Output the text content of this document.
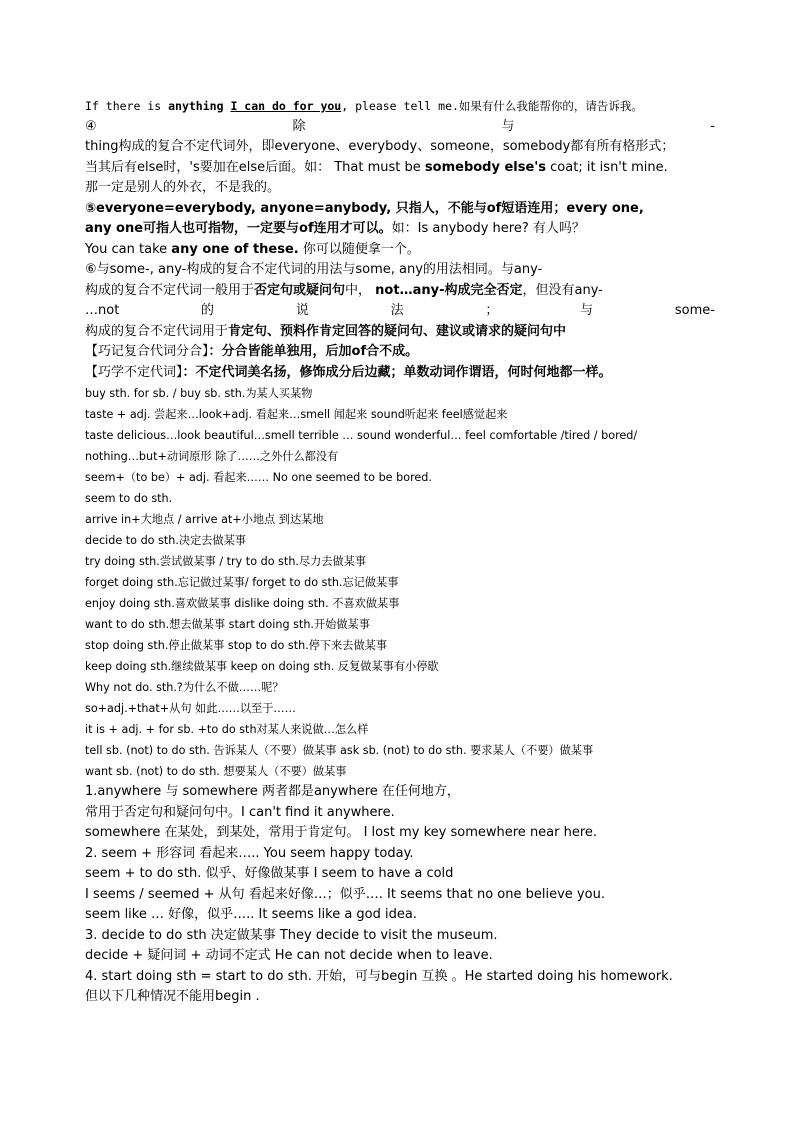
If there is anything I can do for you, please tell me.如果有什么我能帮你的，请告诉我。
④	除	与	-
thing构成的复合不定代词外，即everyone、everybody、someone，somebody都有所有格形式；
当其后有else时，'s要加在else后面。如： That must be somebody else's coat; it isn't mine.
那一定是别人的外衣，不是我的。
⑤everyone=everybody, anyone=anybody, 只指人，不能与of短语连用；every one,
any one可指人也可指物，一定要与of连用才可以。如：Is anybody here? 有人吗？
You can take any one of these. 你可以随便拿一个。
⑥与some-, any-构成的复合不定代词的用法与some, any的用法相同。与any-
构成的复合不定代词一般用于否定句或疑问句中， not…any-构成完全否定，但没有any-
…not	的	说	法	；	与	some-
构成的复合不定代词用于肯定句、预料作肯定回答的疑问句、建议或请求的疑问句中
【巧记复合代词分合】：分合皆能单独用，后加of合不成。
【巧学不定代词】：不定代词美名扬，修饰成分后边藏；单数动词作谓语，何时何地都一样。
buy sth. for sb. / buy sb. sth.为某人买某物
taste + adj. 尝起来…look+adj. 看起来…smell 闻起来 sound听起来 feel感觉起来
taste delicious…look beautiful…smell terrible … sound wonderful… feel comfortable /tired / bored/
nothing…but+动词原形 除了……之外什么都没有
seem+（to be）+ adj. 看起来…… No one seemed to be bored.
seem to do sth.
arrive in+大地点 / arrive at+小地点 到达某地
decide to do sth.决定去做某事
try doing sth.尝试做某事 / try to do sth.尽力去做某事
forget doing sth.忘记做过某事/ forget to do sth.忘记做某事
enjoy doing sth.喜欢做某事 dislike doing sth. 不喜欢做某事
want to do sth.想去做某事 start doing sth.开始做某事
stop doing sth.停止做某事 stop to do sth.停下来去做某事
keep doing sth.继续做某事 keep on doing sth. 反复做某事有小停歇
Why not do. sth.?为什么不做……呢？
so+adj.+that+从句 如此……以至于……
it is + adj. + for sb. +to do sth对某人来说做…怎么样
tell sb. (not) to do sth. 告诉某人（不要）做某事 ask sb. (not) to do sth. 要求某人（不要）做某事
want sb. (not) to do sth. 想要某人（不要）做某事
1.anywhere 与 somewhere 两者都是anywhere 在任何地方，
常用于否定句和疑问句中。I can't find it anywhere.
somewhere 在某处，到某处，常用于肯定句。 I lost my key somewhere near here.
2. seem + 形容词 看起来….. You seem happy today.
seem + to do sth. 似乎、好像做某事 I seem to have a cold
I seems / seemed + 从句 看起来好像…；似乎…. It seems that no one believe you.
seem like … 好像，似乎….. It seems like a god idea.
3. decide to do sth 决定做某事 They decide to visit the museum.
decide + 疑问词 + 动词不定式 He can not decide when to leave.
4. start doing sth = start to do sth. 开始，可与begin 互换 。He started doing his homework.
但以下几种情况不能用begin .
